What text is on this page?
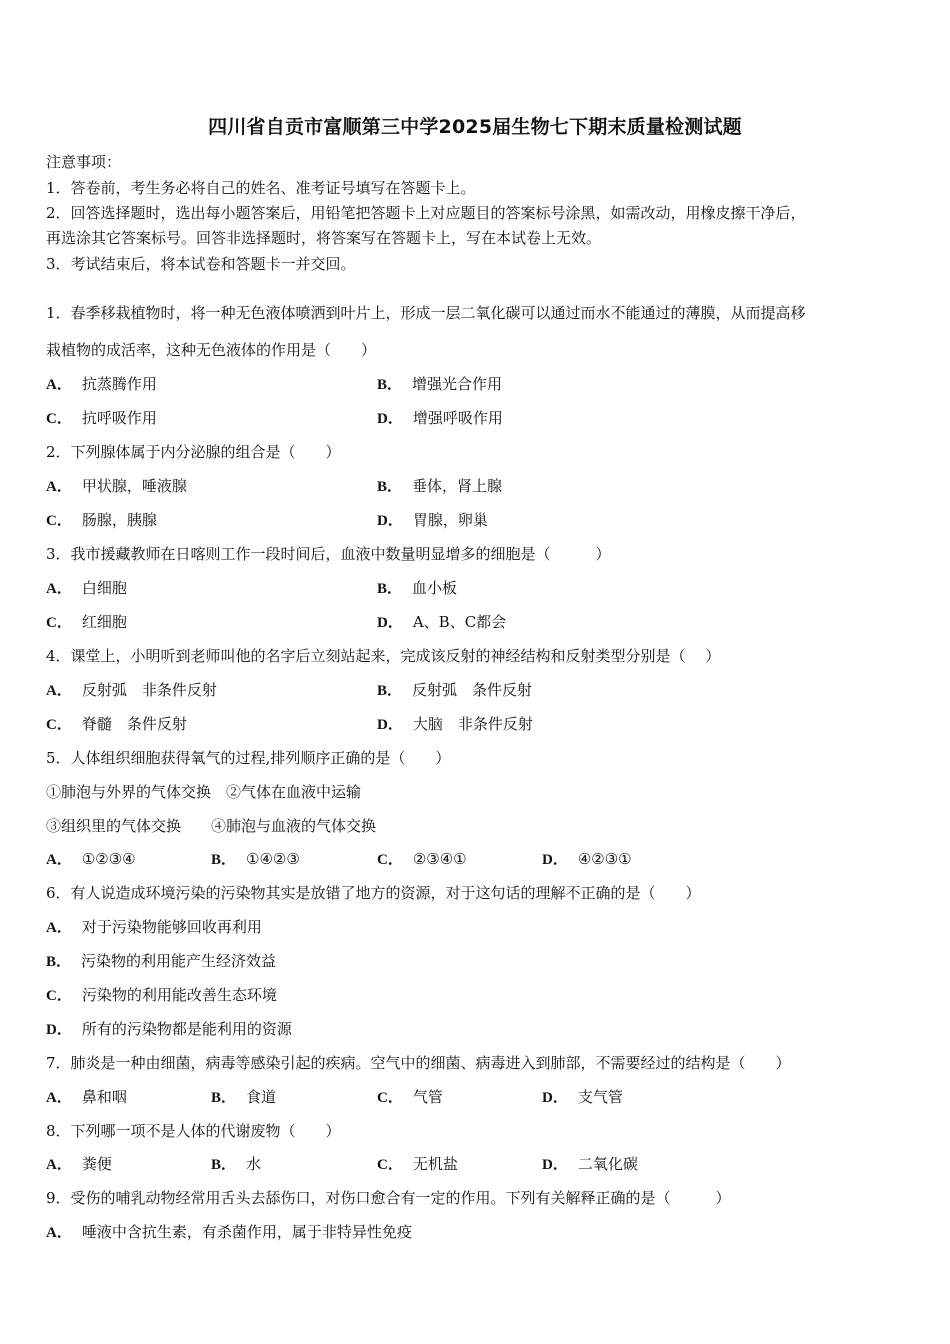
四川省自贡市富顺第三中学2025届生物七下期末质量检测试题
注意事项：
1．答卷前，考生务必将自己的姓名、准考证号填写在答题卡上。
2．回答选择题时，选出每小题答案后，用铅笔把答题卡上对应题目的答案标号涂黑，如需改动，用橡皮擦干净后，
再选涂其它答案标号。回答非选择题时，将答案写在答题卡上，写在本试卷上无效。
3．考试结束后，将本试卷和答题卡一并交回。
1．春季移栽植物时，将一种无色液体喷洒到叶片上，形成一层二氧化碳可以通过而水不能通过的薄膜，从而提高移
栽植物的成活率，这种无色液体的作用是（　　）
A． 抗蒸腾作用	B． 增强光合作用
C． 抗呼吸作用	D． 增强呼吸作用
2．下列腺体属于内分泌腺的组合是（　　）
A． 甲状腺，唾液腺	B． 垂体，肾上腺
C． 肠腺，胰腺	D． 胃腺，卵巢
3．我市援藏教师在日喀则工作一段时间后，血液中数量明显增多的细胞是（　　　）
A． 白细胞	B． 血小板
C． 红细胞	D． A、B、C都会
4．课堂上，小明听到老师叫他的名字后立刻站起来，完成该反射的神经结构和反射类型分别是（　 ）
A． 反射弧　非条件反射	B． 反射弧　条件反射
C． 脊髓　条件反射	D． 大脑　非条件反射
5．人体组织细胞获得氧气的过程,排列顺序正确的是（　　）
①肺泡与外界的气体交换　②气体在血液中运输
③组织里的气体交换　　④肺泡与血液的气体交换
A． ①②③④	B． ①④②③	C． ②③④①	D． ④②③①
6．有人说造成环境污染的污染物其实是放错了地方的资源，对于这句话的理解不正确的是（　　）
A． 对于污染物能够回收再利用
B． 污染物的利用能产生经济效益
C． 污染物的利用能改善生态环境
D． 所有的污染物都是能利用的资源
7．肺炎是一种由细菌，病毒等感染引起的疾病。空气中的细菌、病毒进入到肺部，不需要经过的结构是（　　）
A． 鼻和咽	B． 食道	C． 气管	D． 支气管
8．下列哪一项不是人体的代谢废物（　　）
A． 粪便	B． 水	C． 无机盐	D． 二氧化碳
9．受伤的哺乳动物经常用舌头去舔伤口，对伤口愈合有一定的作用。下列有关解释正确的是（　　　）
A． 唾液中含抗生素，有杀菌作用，属于非特异性免疫
